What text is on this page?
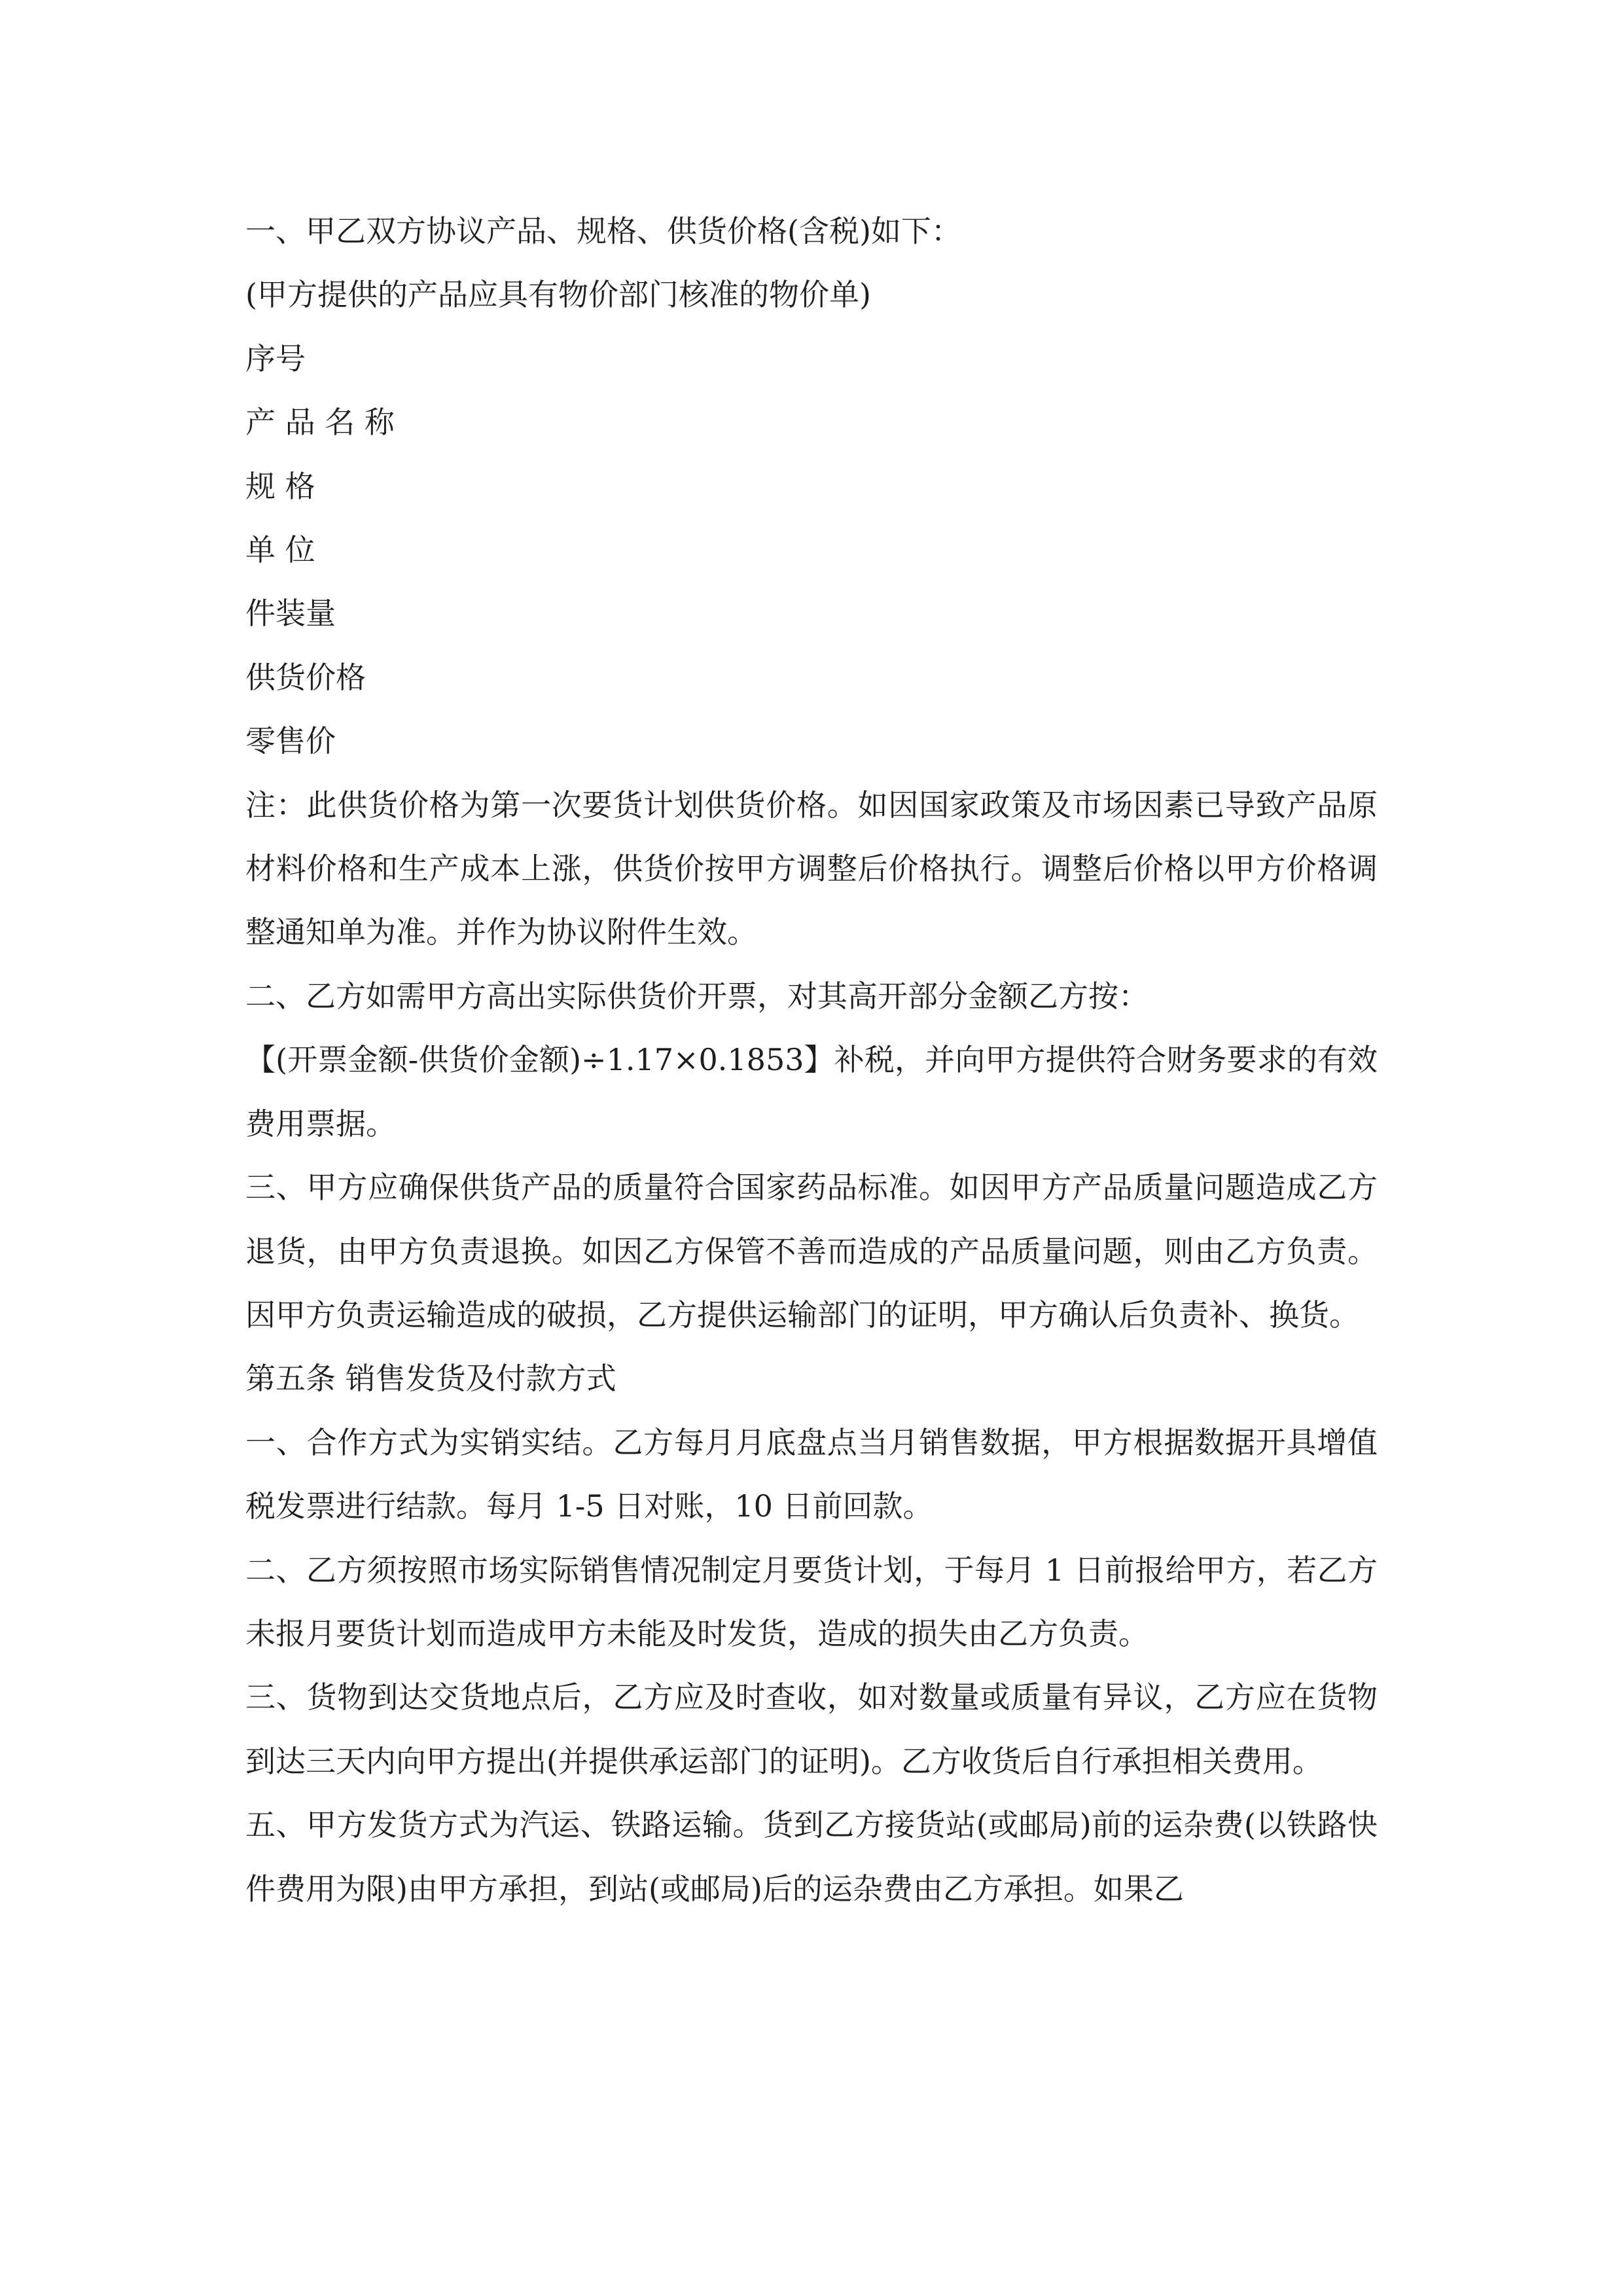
一、甲乙双方协议产品、规格、供货价格(含税)如下：

(甲方提供的产品应具有物价部门核准的物价单)

序号

产 品 名 称

规 格

单 位

件装量

供货价格

零售价

注：此供货价格为第一次要货计划供货价格。如因国家政策及市场因素已导致产品原材料价格和生产成本上涨，供货价按甲方调整后价格执行。调整后价格以甲方价格调整通知单为准。并作为协议附件生效。

二、乙方如需甲方高出实际供货价开票，对其高开部分金额乙方按：

【(开票金额-供货价金额)÷1.17×0.1853】补税，并向甲方提供符合财务要求的有效费用票据。

三、甲方应确保供货产品的质量符合国家药品标准。如因甲方产品质量问题造成乙方退货，由甲方负责退换。如因乙方保管不善而造成的产品质量问题，则由乙方负责。因甲方负责运输造成的破损，乙方提供运输部门的证明，甲方确认后负责补、换货。

第五条 销售发货及付款方式

一、合作方式为实销实结。乙方每月月底盘点当月销售数据，甲方根据数据开具增值税发票进行结款。每月 1-5 日对账，10 日前回款。

二、乙方须按照市场实际销售情况制定月要货计划，于每月 1 日前报给甲方，若乙方未报月要货计划而造成甲方未能及时发货，造成的损失由乙方负责。

三、货物到达交货地点后，乙方应及时查收，如对数量或质量有异议，乙方应在货物到达三天内向甲方提出(并提供承运部门的证明)。乙方收货后自行承担相关费用。

五、甲方发货方式为汽运、铁路运输。货到乙方接货站(或邮局)前的运杂费(以铁路快件费用为限)由甲方承担，到站(或邮局)后的运杂费由乙方承担。如果乙
